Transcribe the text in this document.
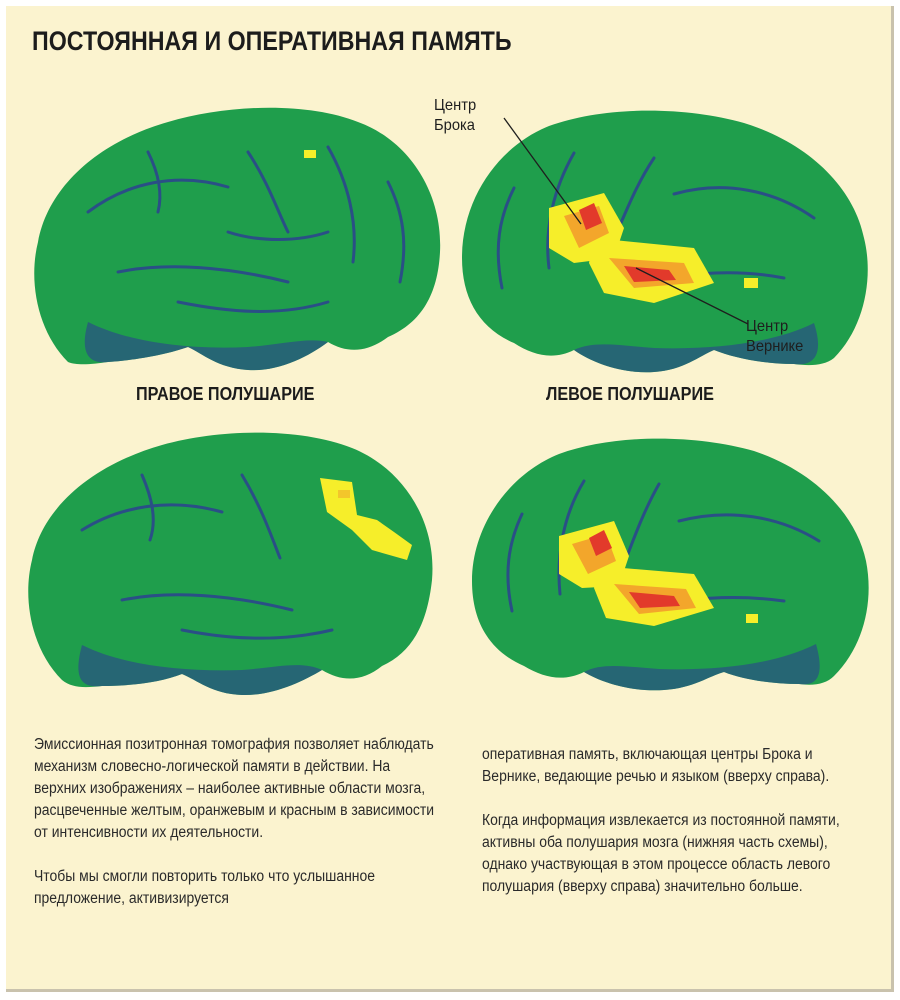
ПОСТОЯННАЯ И ОПЕРАТИВНАЯ ПАМЯТЬ
Центр
Брока
Центр
Вернике
ПРАВОЕ ПОЛУШАРИЕ	ЛЕВОЕ ПОЛУШАРИЕ

Эмиссионная позитронная томография позволяет наблюдать механизм словесно-логической памяти в действии. На верхних изображениях – наиболее активные области мозга, расцвеченные желтым, оранжевым и красным в зависимости от интенсивности их деятельности.

Чтобы мы смогли повторить только что услышанное предложение, активизируется

оперативная память, включающая центры Брока и Вернике, ведающие речью и языком (вверху справа).

Когда информация извлекается из постоянной памяти, активны оба полушария мозга (нижняя часть схемы), однако участвующая в этом процессе область левого полушария (вверху справа) значительно больше.
